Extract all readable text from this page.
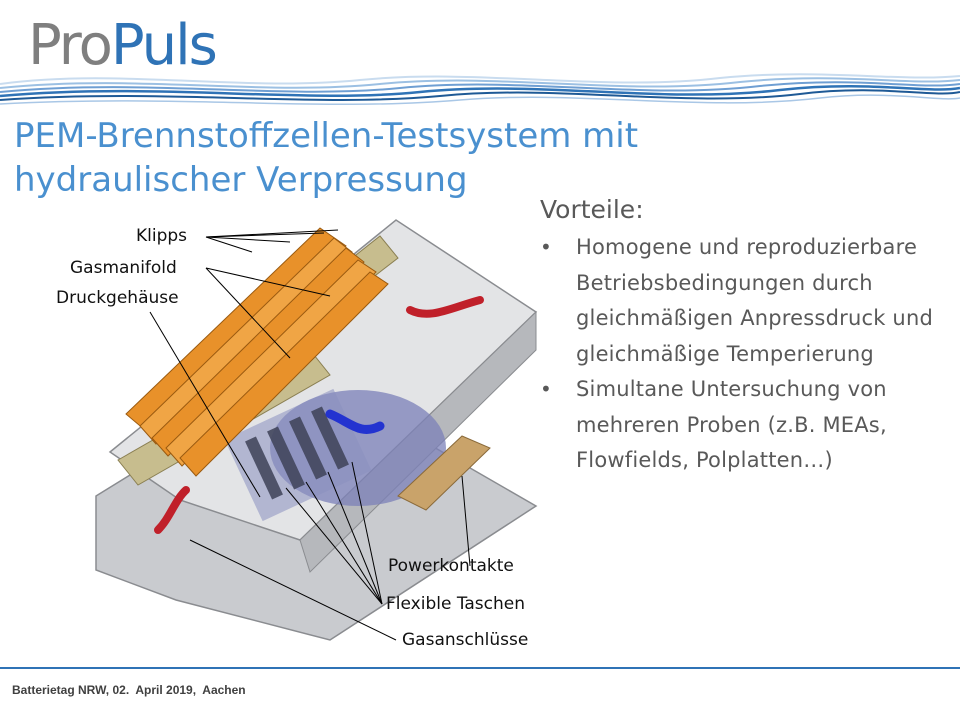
Pro Puls
PEM-Brennstoffzellen-Testsystem mit
hydraulischer Verpressung
Klipps
Gasmanifold
Druckgehäuse
Powerkontakte
Flexible Taschen
Gasanschlüsse
Vorteile:
• Homogene und reproduzierbare Betriebsbedingungen durch gleichmäßigen Anpressdruck und gleichmäßige Temperierung
• Simultane Untersuchung von mehreren Proben (z.B. MEAs, Flowfields, Polplatten…)
Batterietag NRW, 02.  April 2019,  Aachen
